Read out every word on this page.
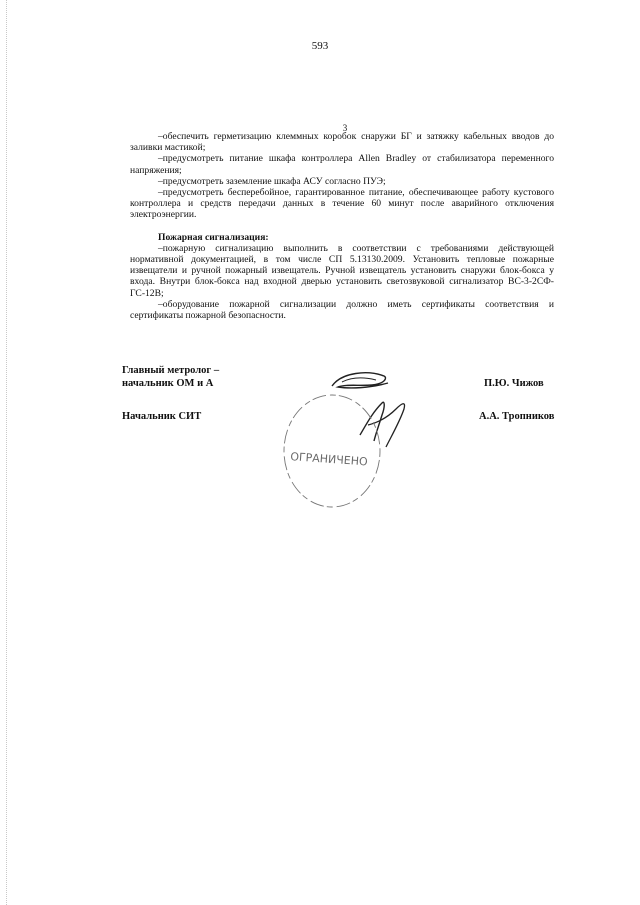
593
3

–обеспечить герметизацию клеммных коробок снаружи БГ и затяжку кабельных вводов до заливки мастикой;

–предусмотреть питание шкафа контроллера Allen Bradley от стабилизатора переменного напряжения;

–предусмотреть заземление шкафа АСУ согласно ПУЭ;

–предусмотреть бесперебойное, гарантированное питание, обеспечивающее работу кустового контроллера и средств передачи данных в течение 60 минут после аварийного отключения электроэнергии.

Пожарная сигнализация:

–пожарную сигнализацию выполнить в соответствии с требованиями действующей нормативной документацией, в том числе СП 5.13130.2009. Установить тепловые пожарные извещатели и ручной пожарный извещатель. Ручной извещатель установить снаружи блок-бокса у входа. Внутри блок-бокса над входной дверью установить светозвуковой сигнализатор ВС-3-2СФ-ГС-12В;

–оборудование пожарной сигнализации должно иметь сертификаты соответствия и сертификаты пожарной безопасности.

Главный метролог –
начальник ОМ и А	П.Ю. Чижов
Начальник СИТ	А.А. Тропников
ОГРАНИЧЕНО
